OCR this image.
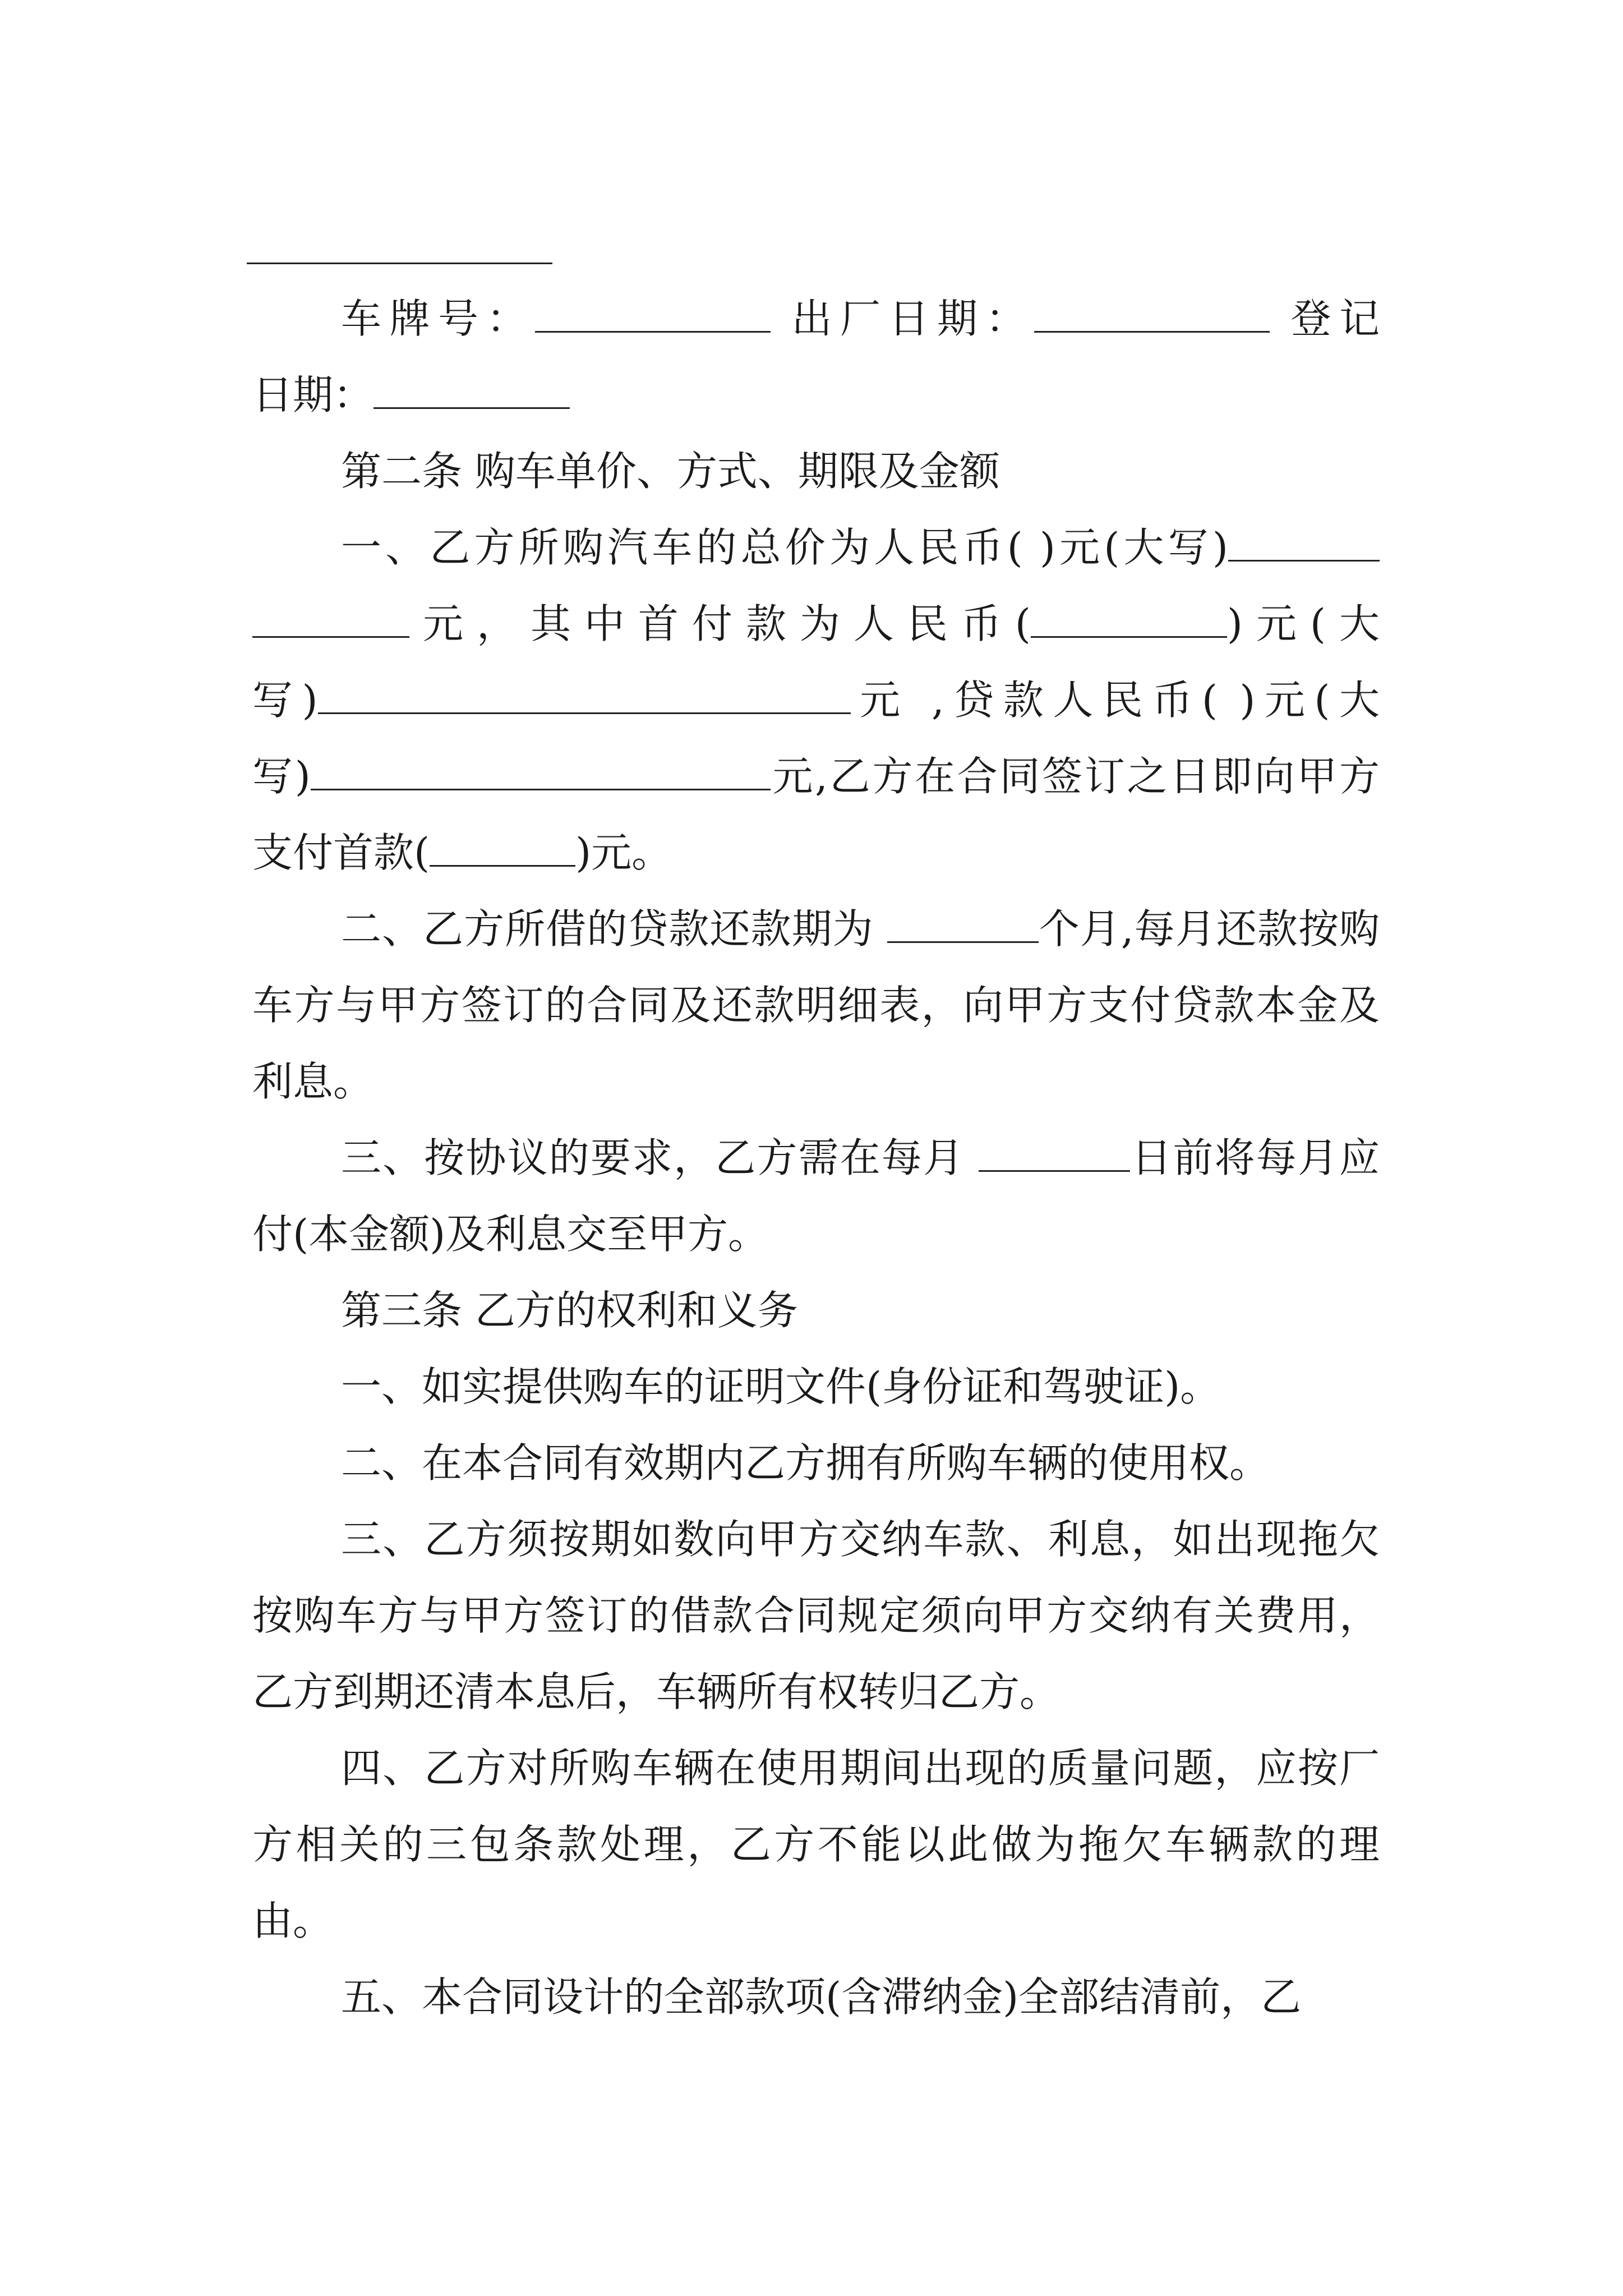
车牌号：	出厂日期：	登记

日期：

第二条 购车单价、方式、期限及金额

一、乙方所购汽车的总价为人民币( )元(大写)

元，其中首付款为人民币(	)元(大

写)	元 ,贷款人民币( )元(大

写)	元,乙方在合同签订之日即向甲方

支付首款(	)元。

二、乙方所借的贷款还款期为	个月,每月还款按购车方与甲方签订的合同及还款明细表，向甲方支付贷款本金及利息。

三、按协议的要求，乙方需在每月	日前将每月应付(本金额)及利息交至甲方。

第三条 乙方的权利和义务

一、如实提供购车的证明文件(身份证和驾驶证)。

二、在本合同有效期内乙方拥有所购车辆的使用权。

三、乙方须按期如数向甲方交纳车款、利息，如出现拖欠按购车方与甲方签订的借款合同规定须向甲方交纳有关费用，乙方到期还清本息后，车辆所有权转归乙方。

四、乙方对所购车辆在使用期间出现的质量问题，应按厂方相关的三包条款处理，乙方不能以此做为拖欠车辆款的理由。

五、本合同设计的全部款项(含滞纳金)全部结清前，乙
